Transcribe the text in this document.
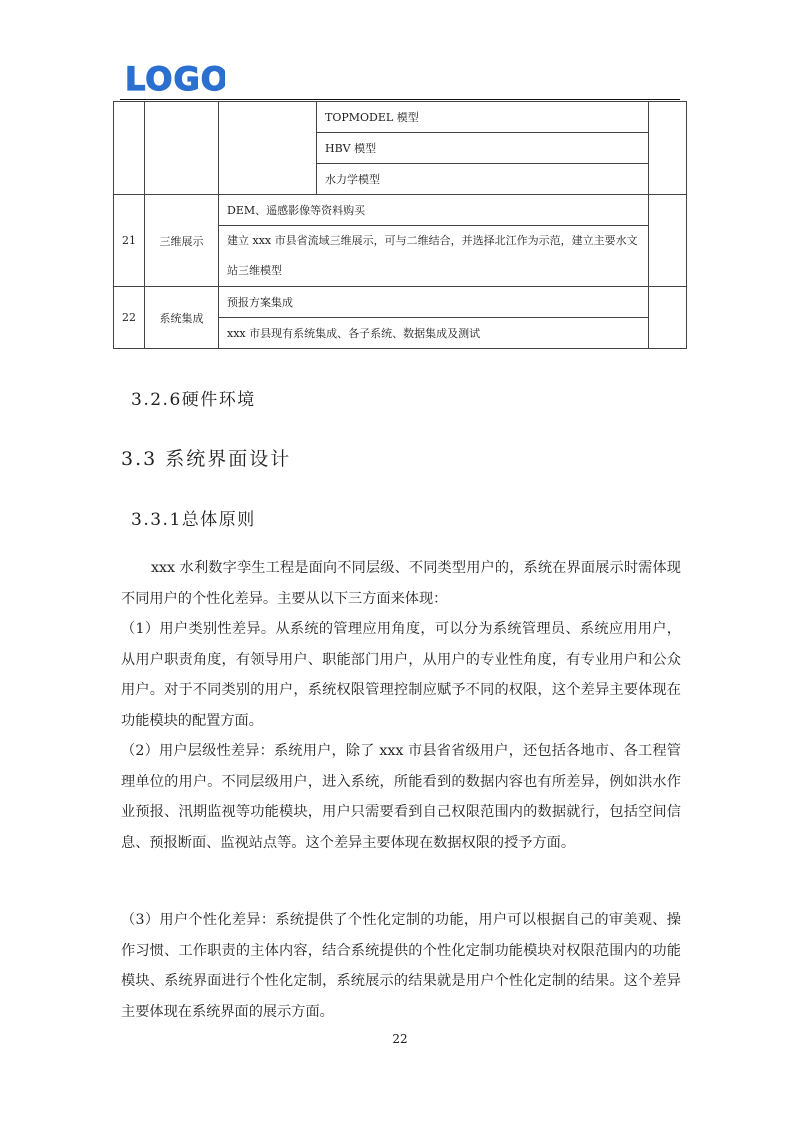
LOGO
			TOPMODEL 模型	
			HBV 模型	
			水力学模型	
21	三维展示	DEM、遥感影像等资料购买		
		建立 xxx 市县省流域三维展示，可与二维结合，并选择北江作为示范，建立主要水文站三维模型		
22	系统集成	预报方案集成		
		xxx 市县现有系统集成、各子系统、数据集成及测试		
3.2.6硬件环境
3.3 系统界面设计
3.3.1总体原则

xxx 水利数字孪生工程是面向不同层级、不同类型用户的，系统在界面展示时需体现不同用户的个性化差异。主要从以下三方面来体现：

（1）用户类别性差异。从系统的管理应用角度，可以分为系统管理员、系统应用用户，从用户职责角度，有领导用户、职能部门用户，从用户的专业性角度，有专业用户和公众用户。对于不同类别的用户，系统权限管理控制应赋予不同的权限，这个差异主要体现在功能模块的配置方面。

（2）用户层级性差异：系统用户，除了 xxx 市县省省级用户，还包括各地市、各工程管理单位的用户。不同层级用户，进入系统，所能看到的数据内容也有所差异，例如洪水作业预报、汛期监视等功能模块，用户只需要看到自己权限范围内的数据就行，包括空间信息、预报断面、监视站点等。这个差异主要体现在数据权限的授予方面。

（3）用户个性化差异：系统提供了个性化定制的功能，用户可以根据自己的审美观、操作习惯、工作职责的主体内容，结合系统提供的个性化定制功能模块对权限范围内的功能模块、系统界面进行个性化定制，系统展示的结果就是用户个性化定制的结果。这个差异主要体现在系统界面的展示方面。

22
